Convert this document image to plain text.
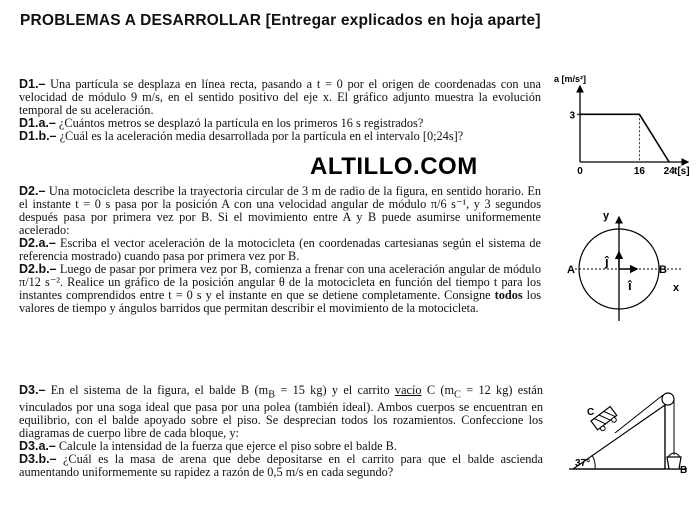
PROBLEMAS A DESARROLLAR [Entregar explicados en hoja aparte]

D1.– Una partícula se desplaza en línea recta, pasando a t = 0 por el origen de coordenadas con una velocidad de módulo 9 m/s, en el sentido positivo del eje x. El gráfico adjunto muestra la evolución temporal de su aceleración.

D1.a.– ¿Cuántos metros se desplazó la partícula en los primeros 16 s registrados?

D1.b.– ¿Cuál es la aceleración media desarrollada por la partícula en el intervalo [0;24s]?

ALTILLO.COM

D2.– Una motocicleta describe la trayectoria circular de 3 m de radio de la figura, en sentido horario. En el instante t = 0 s pasa por la posición A con una velocidad angular de módulo π/6 s⁻¹, y 3 segundos después pasa por primera vez por B. Si el movimiento entre A y B puede asumirse uniformemente acelerado:

D2.a.– Escriba el vector aceleración de la motocicleta (en coordenadas cartesianas según el sistema de referencia mostrado) cuando pasa por primera vez por B.

D2.b.– Luego de pasar por primera vez por B, comienza a frenar con una aceleración angular de módulo π/12 s⁻². Realice un gráfico de la posición angular θ de la motocicleta en función del tiempo t para los instantes comprendidos entre t = 0 s y el instante en que se detiene completamente. Consigne todos los valores de tiempo y ángulos barridos que permitan describir el movimiento de la motocicleta.

D3.– En el sistema de la figura, el balde B ($m_B = 15$ kg) y el carrito vacío C ($m_C = 12$ kg) están vinculados por una soga ideal que pasa por una polea (también ideal). Ambos cuerpos se encuentran en equilibrio, con el balde apoyado sobre el piso. Se desprecian todos los rozamientos. Confeccione los diagramas de cuerpo libre de cada bloque, y:

D3.a.– Calcule la intensidad de la fuerza que ejerce el piso sobre el balde B.

D3.b.– ¿Cuál es la masa de arena que debe depositarse en el carrito para que el balde ascienda aumentando uniformemente su rapidez a razón de 0,5 m/s en cada segundo?

a [m/s²]
t[s]
0	16 24
3
y
x
A	B
ĵ
î
C
B
37°
